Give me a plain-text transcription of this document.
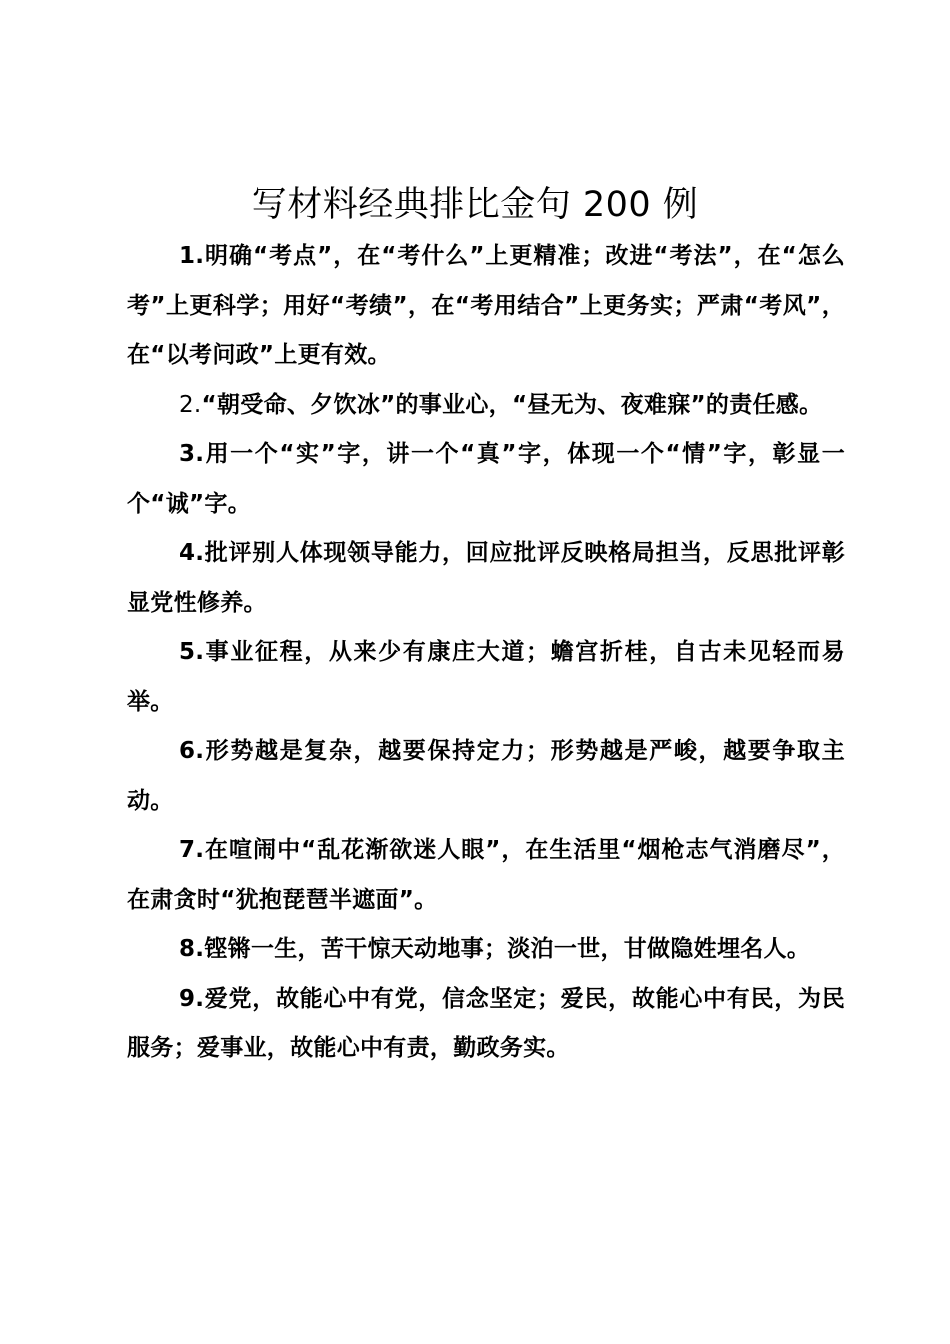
写材料经典排比金句 200 例

1.明确“考点”，在“考什么”上更精准；改进“考法”，在“怎么考”上更科学；用好“考绩”，在“考用结合”上更务实；严肃“考风”，在“以考问政”上更有效。

2.“朝受命、夕饮冰”的事业心，“昼无为、夜难寐”的责任感。

3.用一个“实”字，讲一个“真”字，体现一个“情”字，彰显一个“诚”字。

4.批评别人体现领导能力，回应批评反映格局担当，反思批评彰显党性修养。

5.事业征程，从来少有康庄大道；蟾宫折桂，自古未见轻而易举。

6.形势越是复杂，越要保持定力；形势越是严峻，越要争取主动。

7.在喧闹中“乱花渐欲迷人眼”，在生活里“烟枪志气消磨尽”，在肃贪时“犹抱琵琶半遮面”。

8.铿锵一生，苦干惊天动地事；淡泊一世，甘做隐姓埋名人。

9.爱党，故能心中有党，信念坚定；爱民，故能心中有民，为民服务；爱事业，故能心中有责，勤政务实。
